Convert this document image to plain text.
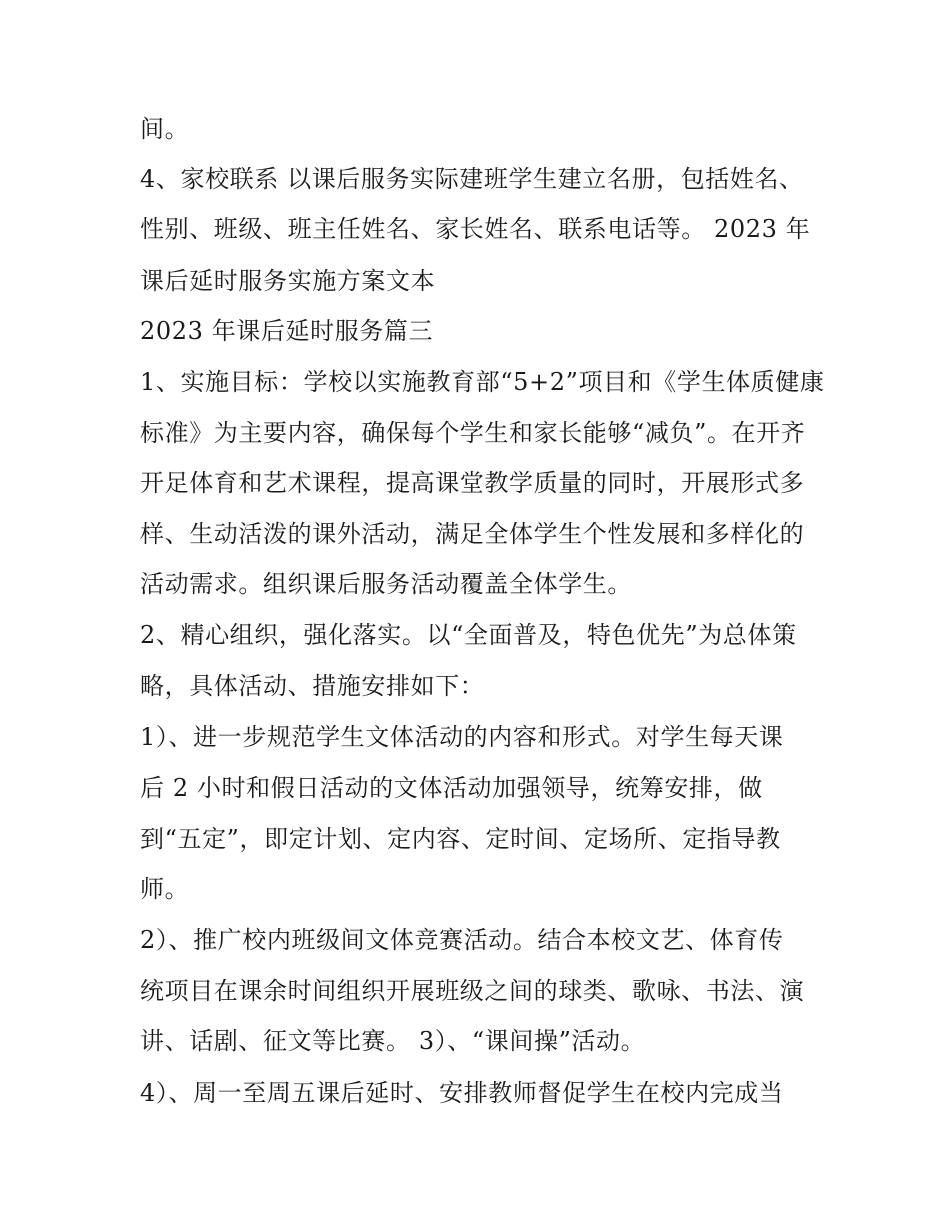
间。
4、家校联系 以课后服务实际建班学生建立名册，包括姓名、
性别、班级、班主任姓名、家长姓名、联系电话等。 2023 年
课后延时服务实施方案文本
2023 年课后延时服务篇三
1、实施目标：学校以实施教育部“5+2”项目和《学生体质健康
标准》为主要内容，确保每个学生和家长能够“减负”。在开齐
开足体育和艺术课程，提高课堂教学质量的同时，开展形式多
样、生动活泼的课外活动，满足全体学生个性发展和多样化的
活动需求。组织课后服务活动覆盖全体学生。
2、精心组织，强化落实。以“全面普及，特色优先”为总体策
略，具体活动、措施安排如下：
1）、进一步规范学生文体活动的内容和形式。对学生每天课
后 2 小时和假日活动的文体活动加强领导，统筹安排，做
到“五定”，即定计划、定内容、定时间、定场所、定指导教
师。
2）、推广校内班级间文体竞赛活动。结合本校文艺、体育传
统项目在课余时间组织开展班级之间的球类、歌咏、书法、演
讲、话剧、征文等比赛。 3）、“课间操”活动。
4）、周一至周五课后延时、安排教师督促学生在校内完成当
